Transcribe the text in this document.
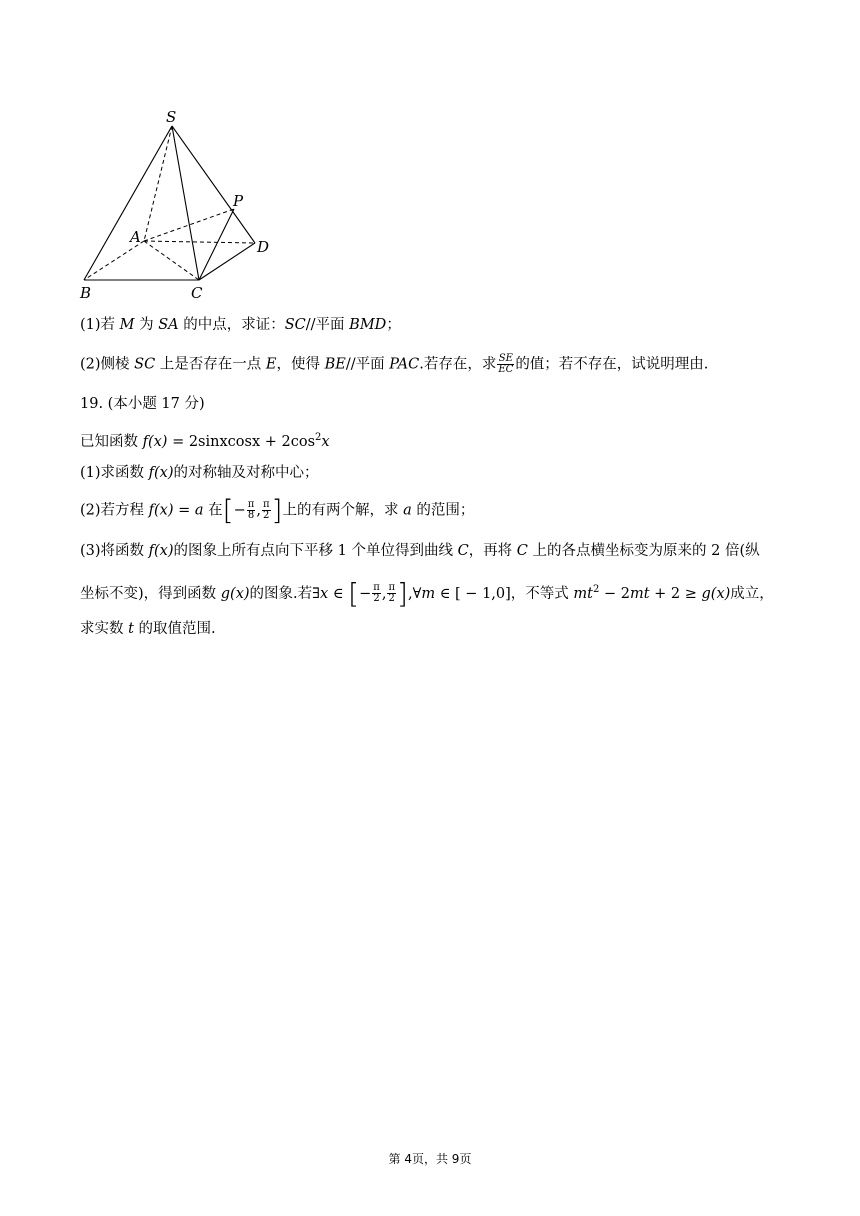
S
P
A
D
B	C
(1)若 M 为 SA 的中点，求证：SC//平面 BMD；
(2)侧棱 SC 上是否存在一点 E，使得 BE//平面 PAC.若存在，求 $\frac{SE}{EC}$ 的值；若不存在，试说明理由.
19. (本小题 17 分)
已知函数 f(x) = 2sinxcosx + $2\cos^2x$
(1)求函数 f(x)的对称轴及对称中心；
(2)若方程 f(x) = a 在[− $\frac{\pi}{8}$ , $\frac{\pi}{2}$ ]上的有两个解，求 a 的范围；
(3)将函数 f(x)的图象上所有点向下平移 1 个单位得到曲线 C，再将 C 上的各点横坐标变为原来的 2 倍(纵
坐标不变)，得到函数 g(x)的图象.若∃x ∈ [− $\frac{\pi}{2}$ , $\frac{\pi}{2}$ ],∀m ∈ [ − 1,0]，不等式 $mt^2 - 2mt + 2 \ge g(x)$成立，
求实数 t 的取值范围.
第 4页，共 9页
